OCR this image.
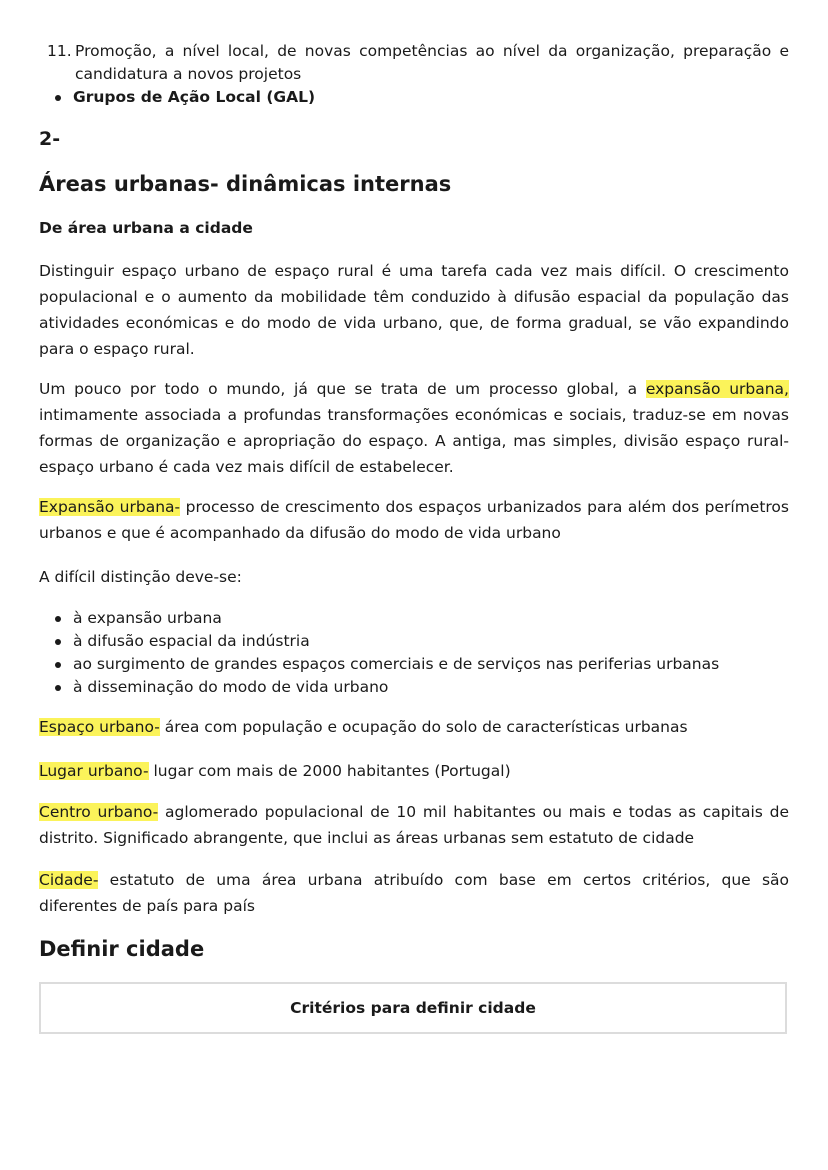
11. Promoção, a nível local, de novas competências ao nível da organização, preparação e candidatura a novos projetos
Grupos de Ação Local (GAL)
2-
Áreas urbanas- dinâmicas internas
De área urbana a cidade

Distinguir espaço urbano de espaço rural é uma tarefa cada vez mais difícil. O crescimento populacional e o aumento da mobilidade têm conduzido à difusão espacial da população das atividades económicas e do modo de vida urbano, que, de forma gradual, se vão expandindo para o espaço rural.

Um pouco por todo o mundo, já que se trata de um processo global, a expansão urbana, intimamente associada a profundas transformações económicas e sociais, traduz-se em novas formas de organização e apropriação do espaço. A antiga, mas simples, divisão espaço rural-espaço urbano é cada vez mais difícil de estabelecer.

Expansão urbana- processo de crescimento dos espaços urbanizados para além dos perímetros urbanos e que é acompanhado da difusão do modo de vida urbano

A difícil distinção deve-se:

à expansão urbana
à difusão espacial da indústria
ao surgimento de grandes espaços comerciais e de serviços nas periferias urbanas
à disseminação do modo de vida urbano

Espaço urbano- área com população e ocupação do solo de características urbanas

Lugar urbano- lugar com mais de 2000 habitantes (Portugal)

Centro urbano- aglomerado populacional de 10 mil habitantes ou mais e todas as capitais de distrito. Significado abrangente, que inclui as áreas urbanas sem estatuto de cidade

Cidade- estatuto de uma área urbana atribuído com base em certos critérios, que são diferentes de país para país

Definir cidade
Critérios para definir cidade
